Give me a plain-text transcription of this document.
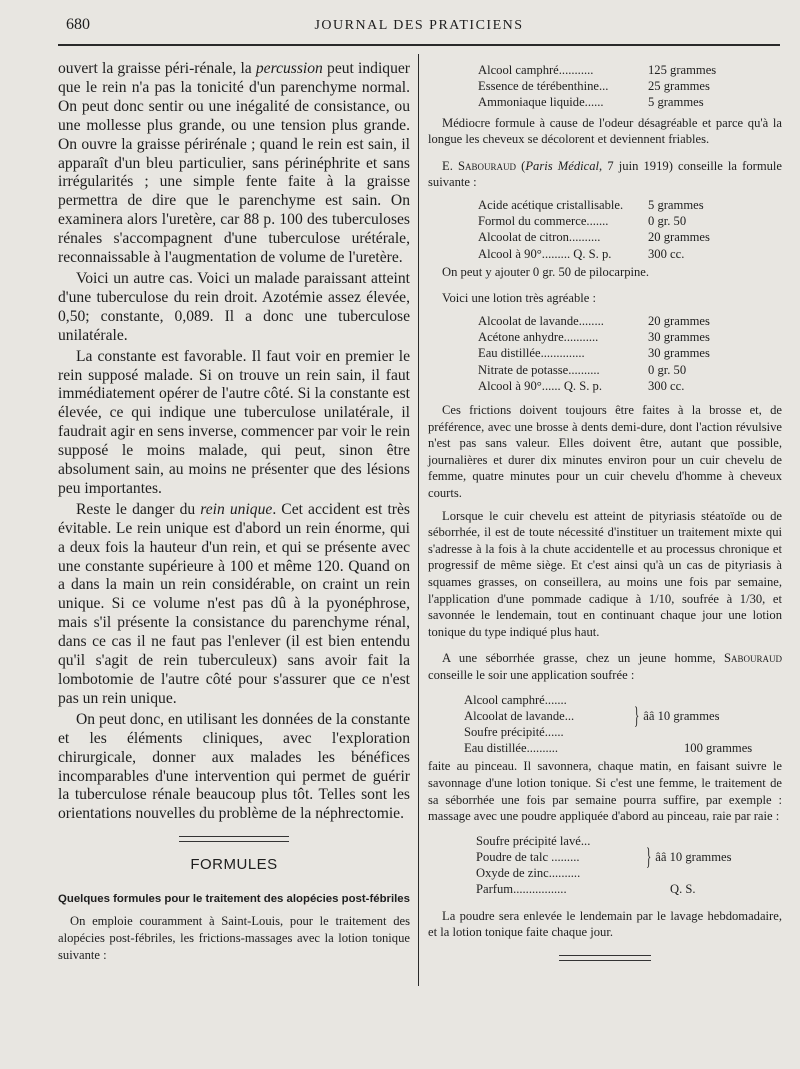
680	JOURNAL DES PRATICIENS

ouvert la graisse péri-rénale, la percussion peut indiquer que le rein n'a pas la tonicité d'un parenchyme normal. On peut donc sentir ou une inégalité de consistance, ou une mollesse plus grande, ou une tension plus grande. On ouvre la graisse périrénale ; quand le rein est sain, il apparaît d'un bleu particulier, sans périnéphrite et sans irrégularités ; une simple fente faite à la graisse permettra de dire que le parenchyme est sain. On examinera alors l'uretère, car 88 p. 100 des tuberculoses rénales s'accompagnent d'une tuberculose urétérale, reconnaissable à l'augmentation de volume de l'uretère.

Voici un autre cas. Voici un malade paraissant atteint d'une tuberculose du rein droit. Azotémie assez élevée, 0,50; constante, 0,089. Il a donc une tuberculose unilatérale.

La constante est favorable. Il faut voir en premier le rein supposé malade. Si on trouve un rein sain, il faut immédiatement opérer de l'autre côté. Si la constante est élevée, ce qui indique une tuberculose unilatérale, il faudrait agir en sens inverse, commencer par voir le rein supposé le moins malade, qui peut, sinon être absolument sain, au moins ne présenter que des lésions peu importantes.

Reste le danger du rein unique. Cet accident est très évitable. Le rein unique est d'abord un rein énorme, qui a deux fois la hauteur d'un rein, et qui se présente avec une constante supérieure à 100 et même 120. Quand on a dans la main un rein considérable, on craint un rein unique. Si ce volume n'est pas dû à la pyonéphrose, mais s'il présente la consistance du parenchyme rénal, dans ce cas il ne faut pas l'enlever (il est bien entendu qu'il s'agit de rein tuberculeux) sans avoir fait la lombotomie de l'autre côté pour s'assurer que ce n'est pas un rein unique.

On peut donc, en utilisant les données de la constante et les éléments cliniques, avec l'exploration chirurgicale, donner aux malades les bénéfices incomparables d'une intervention qui permet de guérir la tuberculose rénale beaucoup plus tôt. Telles sont les orientations nouvelles du problème de la néphrectomie.

FORMULES
Quelques formules pour le traitement des alopécies post-fébriles

On emploie couramment à Saint-Louis, pour le traitement des alopécies post-fébriles, les frictions-massages avec la lotion tonique suivante :

Alcool camphré...........	125 grammes
Essence de térébenthine...	25 grammes
Ammoniaque liquide......	5 grammes

Médiocre formule à cause de l'odeur désagréable et parce qu'à la longue les cheveux se décolorent et deviennent friables.

E. Sabouraud (Paris Médical, 7 juin 1919) conseille la formule suivante :

Acide acétique cristallisable.	5 grammes
Formol du commerce.......	0 gr. 50
Alcoolat de citron..........	20 grammes
Alcool à 90°......... Q. S. p.	300 cc.

On peut y ajouter 0 gr. 50 de pilocarpine.

Voici une lotion très agréable :

Alcoolat de lavande........	20 grammes
Acétone anhydre...........	30 grammes
Eau distillée..............	30 grammes
Nitrate de potasse..........	0 gr. 50
Alcool à 90°...... Q. S. p.	300 cc.

Ces frictions doivent toujours être faites à la brosse et, de préférence, avec une brosse à dents demi-dure, dont l'action révulsive n'est pas sans valeur. Elles doivent être, autant que possible, journalières et durer dix minutes environ pour un cuir chevelu de femme, quatre minutes pour un cuir chevelu d'homme à cheveux courts.

Lorsque le cuir chevelu est atteint de pityriasis stéatoïde ou de séborrhée, il est de toute nécessité d'instituer un traitement mixte qui s'adresse à la fois à la chute accidentelle et au processus chronique et progressif de même siège. Et c'est ainsi qu'à un cas de pityriasis à squames grasses, on conseillera, au moins une fois par semaine, l'application d'une pommade cadique à 1/10, soufrée à 1/30, et savonnée le lendemain, tout en continuant chaque jour une lotion tonique du type indiqué plus haut.

A une séborrhée grasse, chez un jeune homme, Sabouraud conseille le soir une application soufrée :

Alcool camphré.......	} ââ 10 grammes
Alcoolat de lavande...	
Soufre précipité......	
Eau distillée..........	100 grammes

faite au pinceau. Il savonnera, chaque matin, en faisant suivre le savonnage d'une lotion tonique. Si c'est une femme, le traitement de sa séborrhée une fois par semaine pourra suffire, par exemple : massage avec une poudre appliquée d'abord au pinceau, raie par raie :

Soufre précipité lavé...	} ââ 10 grammes
Poudre de talc .........	
Oxyde de zinc..........	
Parfum.................	Q. S.

La poudre sera enlevée le lendemain par le lavage hebdomadaire, et la lotion tonique faite chaque jour.
